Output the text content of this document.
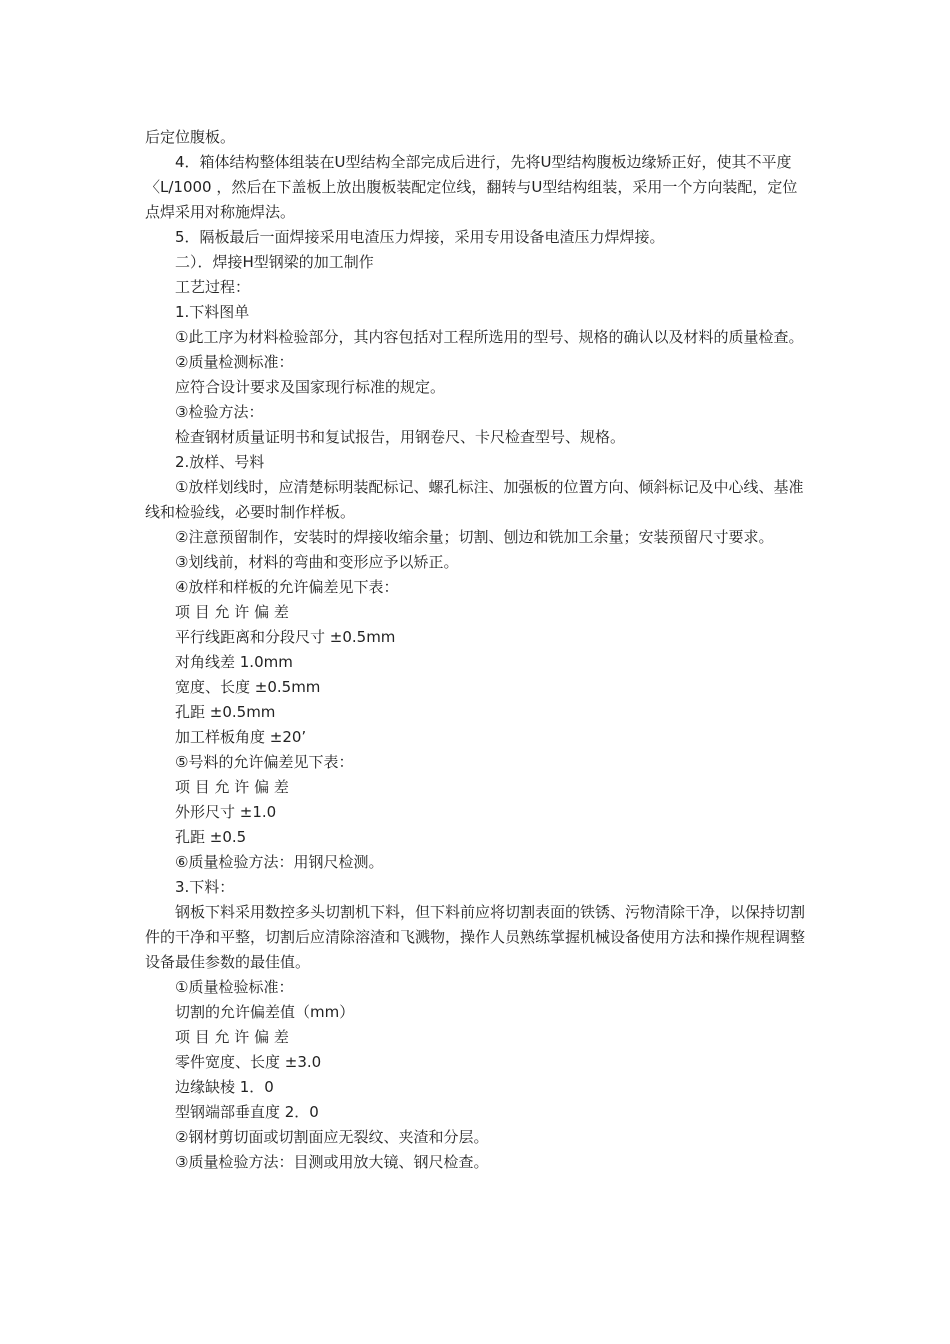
后定位腹板。

4．箱体结构整体组装在U型结构全部完成后进行，先将U型结构腹板边缘矫正好，使其不平度〈L/1000 ，然后在下盖板上放出腹板装配定位线，翻转与U型结构组装，采用一个方向装配，定位点焊采用对称施焊法。

5．隔板最后一面焊接采用电渣压力焊接，采用专用设备电渣压力焊焊接。

二）．焊接H型钢梁的加工制作

工艺过程：

1.下料图单

①此工序为材料检验部分，其内容包括对工程所选用的型号、规格的确认以及材料的质量检查。

②质量检测标准：

应符合设计要求及国家现行标准的规定。

③检验方法：

检查钢材质量证明书和复试报告，用钢卷尺、卡尺检查型号、规格。

2.放样、号料

①放样划线时，应清楚标明装配标记、螺孔标注、加强板的位置方向、倾斜标记及中心线、基准线和检验线，必要时制作样板。

②注意预留制作，安装时的焊接收缩余量；切割、刨边和铣加工余量；安装预留尺寸要求。

③划线前，材料的弯曲和变形应予以矫正。

④放样和样板的允许偏差见下表：

项 目 允 许 偏 差

平行线距离和分段尺寸 ±0.5mm

对角线差 1.0mm

宽度、长度 ±0.5mm

孔距 ±0.5mm

加工样板角度 ±20’

⑤号料的允许偏差见下表：

项 目 允 许 偏 差

外形尺寸 ±1.0

孔距 ±0.5

⑥质量检验方法：用钢尺检测。

3.下料：

钢板下料采用数控多头切割机下料，但下料前应将切割表面的铁锈、污物清除干净，以保持切割件的干净和平整，切割后应清除溶渣和飞溅物，操作人员熟练掌握机械设备使用方法和操作规程调整设备最佳参数的最佳值。

①质量检验标准：

切割的允许偏差值（mm）

项 目 允 许 偏 差

零件宽度、长度 ±3.0

边缘缺棱 1．0

型钢端部垂直度 2．0

②钢材剪切面或切割面应无裂纹、夹渣和分层。

③质量检验方法：目测或用放大镜、钢尺检查。
